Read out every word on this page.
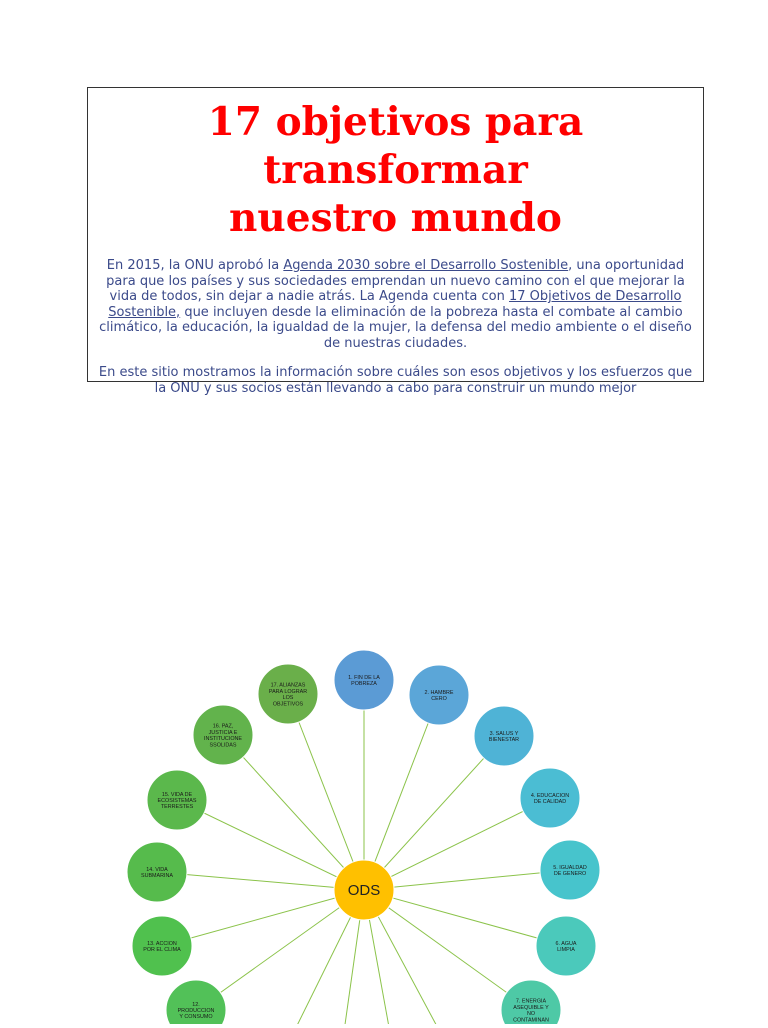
17 objetivos para transformar
nuestro mundo

En 2015, la ONU aprobó la Agenda 2030 sobre el Desarrollo Sostenible, una oportunidad para que los países y sus sociedades emprendan un nuevo camino con el que mejorar la vida de todos, sin dejar a nadie atrás. La Agenda cuenta con 17 Objetivos de Desarrollo Sostenible, que incluyen desde la eliminación de la pobreza hasta el combate al cambio climático, la educación, la igualdad de la mujer, la defensa del medio ambiente o el diseño de nuestras ciudades.

En este sitio mostramos la información sobre cuáles son esos objetivos y los esfuerzos que la ONU y sus socios están llevando a cabo para construir un mundo mejor

1. FIN DE LA
POBREZA
2. HAMBRE
CERO
3. SALUS Y
BIENESTAR
4. EDUCACION
DE CALIDAD
5. IGUALDAD
DE GENERO
6. AGUA
LIMPIA
7. ENERGIA
ASEQUIBLE Y
NO
CONTAMINAN
12.
PRODUCCION
Y CONSUMO
13. ACCION
POR EL CLIMA
14. VIDA
SUBMARINA
15. VIDA DE
ECOSISTEMAS
TERRESTES
16. PAZ,
JUSTICIA E
INSTITUCIONE
SSOLIDAS
17. ALIANZAS
PARA LOGRAR
LOS
OBJETIVOS
ODS
